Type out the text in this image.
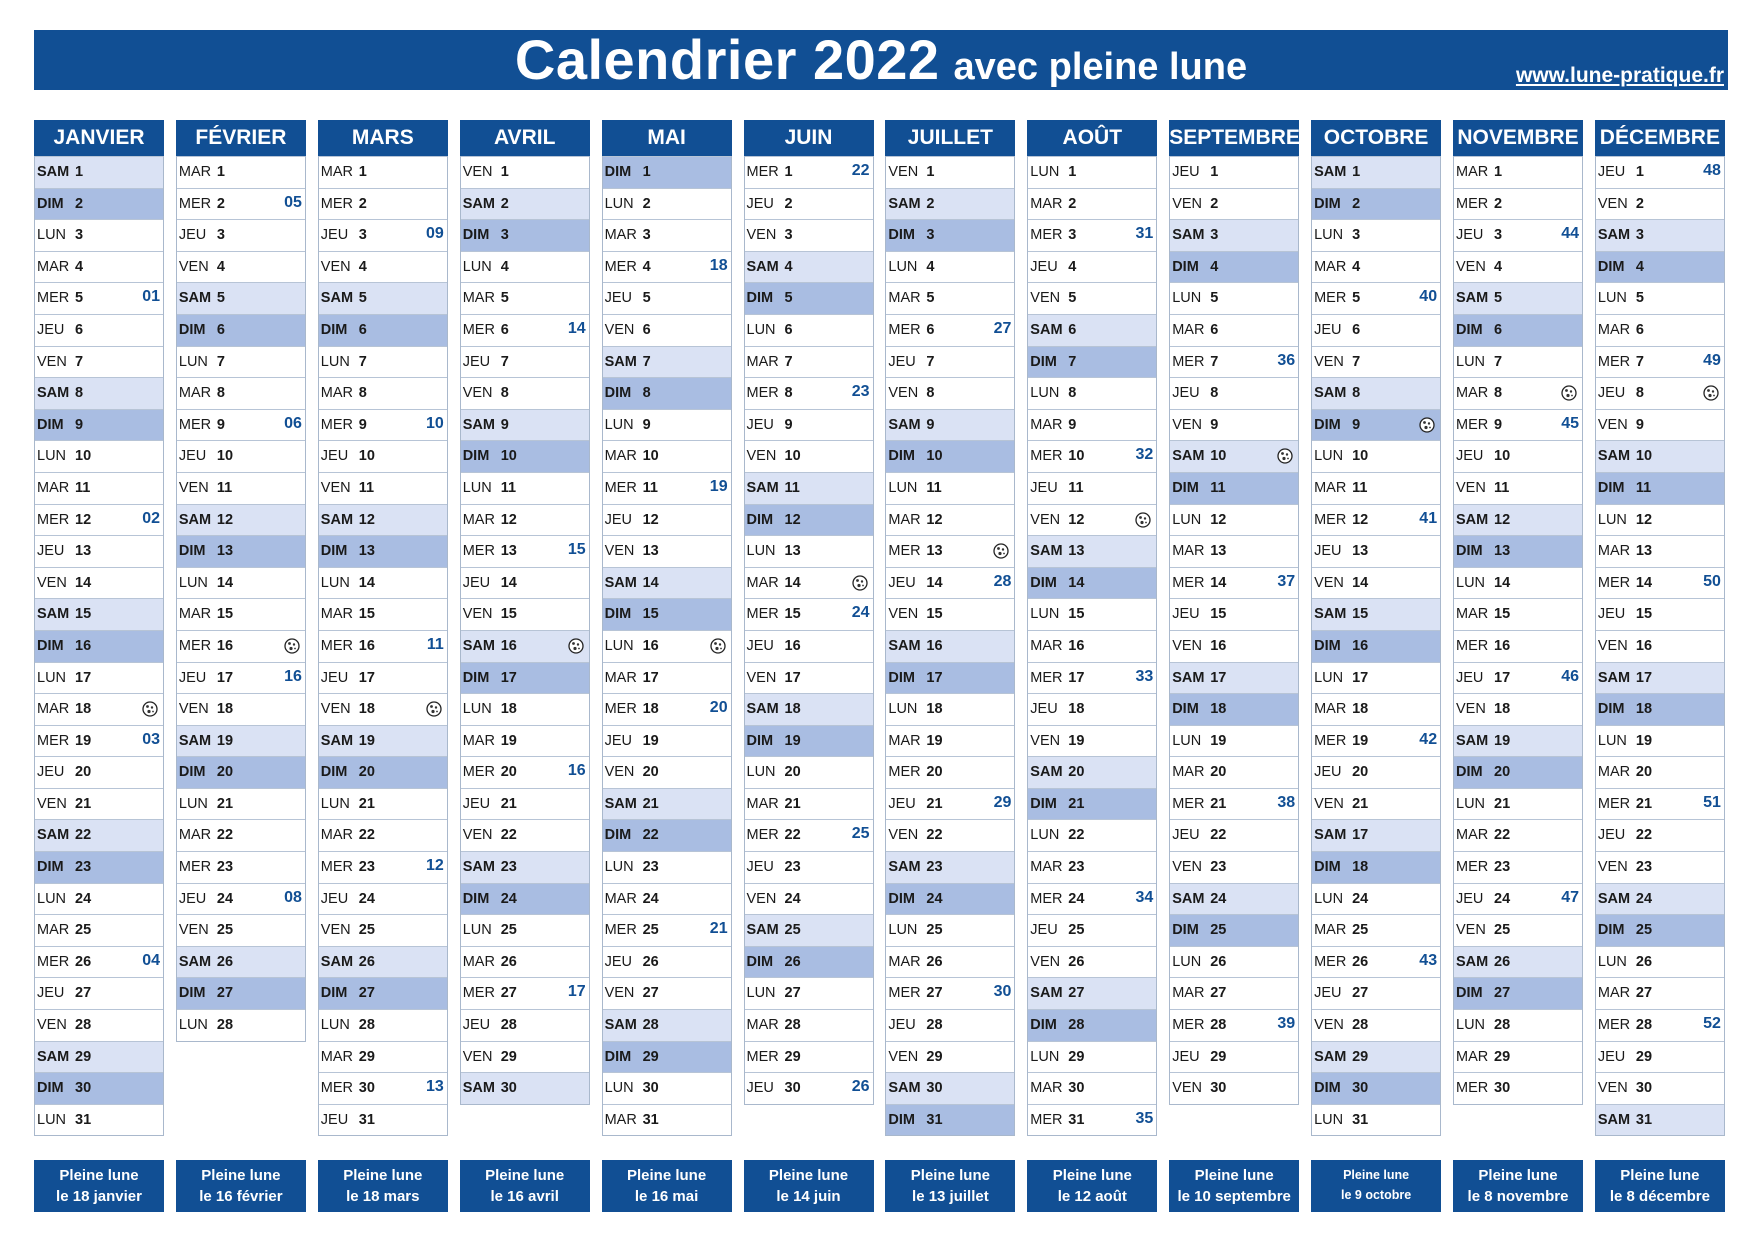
Calendrier 2022 avec pleine lune	www.lune-pratique.fr
JANVIER
SAM 1
DIM 2
LUN 3
MAR 4
MER 5	01
JEU 6
VEN 7
SAM 8
DIM 9
LUN 10
MAR 11
MER 12	02
JEU 13
VEN 14
SAM 15
DIM 16
LUN 17
MAR 18
MER 19	03
JEU 20
VEN 21
SAM 22
DIM 23
LUN 24
MAR 25
MER 26	04
JEU 27
VEN 28
SAM 29
DIM 30
LUN 31
Pleine lune
le 18 janvier
FÉVRIER
MAR 1
MER 2	05
JEU 3
VEN 4
SAM 5
DIM 6
LUN 7
MAR 8
MER 9	06
JEU 10
VEN 11
SAM 12
DIM 13
LUN 14
MAR 15
MER 16
JEU 17	16
VEN 18
SAM 19
DIM 20
LUN 21
MAR 22
MER 23
JEU 24	08
VEN 25
SAM 26
DIM 27
LUN 28
Pleine lune
le 16 février
MARS
MAR 1
MER 2
JEU 3	09
VEN 4
SAM 5
DIM 6
LUN 7
MAR 8
MER 9	10
JEU 10
VEN 11
SAM 12
DIM 13
LUN 14
MAR 15
MER 16	11
JEU 17
VEN 18
SAM 19
DIM 20
LUN 21
MAR 22
MER 23	12
JEU 24
VEN 25
SAM 26
DIM 27
LUN 28
MAR 29
MER 30	13
JEU 31
Pleine lune
le 18 mars
AVRIL
VEN 1
SAM 2
DIM 3
LUN 4
MAR 5
MER 6	14
JEU 7
VEN 8
SAM 9
DIM 10
LUN 11
MAR 12
MER 13	15
JEU 14
VEN 15
SAM 16
DIM 17
LUN 18
MAR 19
MER 20	16
JEU 21
VEN 22
SAM 23
DIM 24
LUN 25
MAR 26
MER 27	17
JEU 28
VEN 29
SAM 30
Pleine lune
le 16 avril
MAI
DIM 1
LUN 2
MAR 3
MER 4	18
JEU 5
VEN 6
SAM 7
DIM 8
LUN 9
MAR 10
MER 11	19
JEU 12
VEN 13
SAM 14
DIM 15
LUN 16
MAR 17
MER 18	20
JEU 19
VEN 20
SAM 21
DIM 22
LUN 23
MAR 24
MER 25	21
JEU 26
VEN 27
SAM 28
DIM 29
LUN 30
MAR 31
Pleine lune
le 16 mai
JUIN
MER 1	22
JEU 2
VEN 3
SAM 4
DIM 5
LUN 6
MAR 7
MER 8	23
JEU 9
VEN 10
SAM 11
DIM 12
LUN 13
MAR 14
MER 15	24
JEU 16
VEN 17
SAM 18
DIM 19
LUN 20
MAR 21
MER 22	25
JEU 23
VEN 24
SAM 25
DIM 26
LUN 27
MAR 28
MER 29
JEU 30	26
Pleine lune
le 14 juin
JUILLET
VEN 1
SAM 2
DIM 3
LUN 4
MAR 5
MER 6	27
JEU 7
VEN 8
SAM 9
DIM 10
LUN 11
MAR 12
MER 13
JEU 14	28
VEN 15
SAM 16
DIM 17
LUN 18
MAR 19
MER 20
JEU 21	29
VEN 22
SAM 23
DIM 24
LUN 25
MAR 26
MER 27	30
JEU 28
VEN 29
SAM 30
DIM 31
Pleine lune
le 13 juillet
AOÛT
LUN 1
MAR 2
MER 3	31
JEU 4
VEN 5
SAM 6
DIM 7
LUN 8
MAR 9
MER 10	32
JEU 11
VEN 12
SAM 13
DIM 14
LUN 15
MAR 16
MER 17	33
JEU 18
VEN 19
SAM 20
DIM 21
LUN 22
MAR 23
MER 24	34
JEU 25
VEN 26
SAM 27
DIM 28
LUN 29
MAR 30
MER 31	35
Pleine lune
le 12 août
SEPTEMBRE
JEU 1
VEN 2
SAM 3
DIM 4
LUN 5
MAR 6
MER 7	36
JEU 8
VEN 9
SAM 10
DIM 11
LUN 12
MAR 13
MER 14	37
JEU 15
VEN 16
SAM 17
DIM 18
LUN 19
MAR 20
MER 21	38
JEU 22
VEN 23
SAM 24
DIM 25
LUN 26
MAR 27
MER 28	39
JEU 29
VEN 30
Pleine lune
le 10 septembre
OCTOBRE
SAM 1
DIM 2
LUN 3
MAR 4
MER 5	40
JEU 6
VEN 7
SAM 8
DIM 9
LUN 10
MAR 11
MER 12	41
JEU 13
VEN 14
SAM 15
DIM 16
LUN 17
MAR 18
MER 19	42
JEU 20
VEN 21
SAM 17
DIM 18
LUN 24
MAR 25
MER 26	43
JEU 27
VEN 28
SAM 29
DIM 30
LUN 31
Pleine lune
le 9 octobre
NOVEMBRE
MAR 1
MER 2
JEU 3	44
VEN 4
SAM 5
DIM 6
LUN 7
MAR 8
MER 9	45
JEU 10
VEN 11
SAM 12
DIM 13
LUN 14
MAR 15
MER 16
JEU 17	46
VEN 18
SAM 19
DIM 20
LUN 21
MAR 22
MER 23
JEU 24	47
VEN 25
SAM 26
DIM 27
LUN 28
MAR 29
MER 30
Pleine lune
le 8 novembre
DÉCEMBRE
JEU 1	48
VEN 2
SAM 3
DIM 4
LUN 5
MAR 6
MER 7	49
JEU 8
VEN 9
SAM 10
DIM 11
LUN 12
MAR 13
MER 14	50
JEU 15
VEN 16
SAM 17
DIM 18
LUN 19
MAR 20
MER 21	51
JEU 22
VEN 23
SAM 24
DIM 25
LUN 26
MAR 27
MER 28	52
JEU 29
VEN 30
SAM 31
Pleine lune
le 8 décembre
